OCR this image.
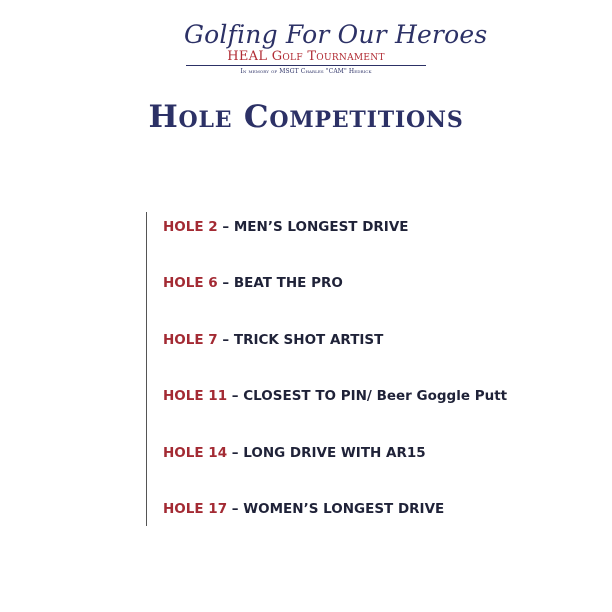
Golfing For Our Heroes
HEAL Golf Tournament
In memory of MSGT Charles "CAM" Hedrick
Hole Competitions
HOLE 2 – MEN’S LONGEST DRIVE
HOLE 6 – BEAT THE PRO
HOLE 7 – TRICK SHOT ARTIST
HOLE 11 – CLOSEST TO PIN/ Beer Goggle Putt
HOLE 14 – LONG DRIVE WITH AR15
HOLE 17 – WOMEN’S LONGEST DRIVE
